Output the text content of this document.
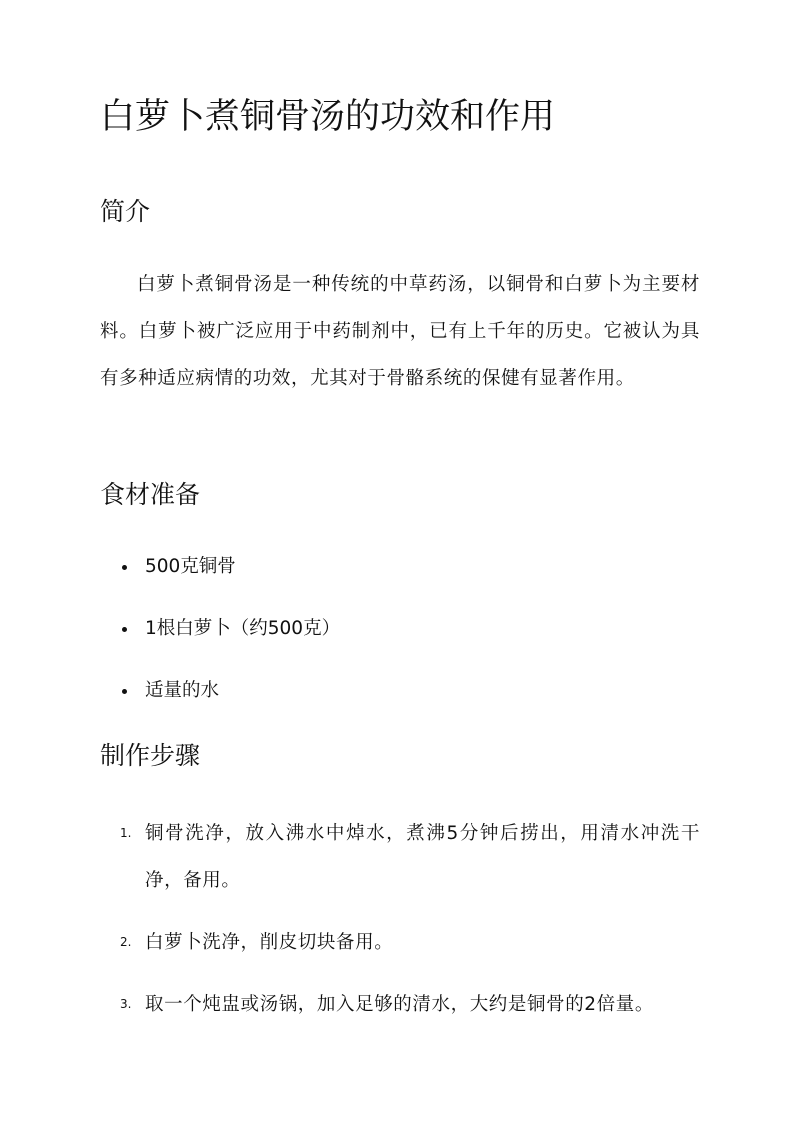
白萝卜煮铜骨汤的功效和作用
简介

白萝卜煮铜骨汤是一种传统的中草药汤，以铜骨和白萝卜为主要材料。白萝卜被广泛应用于中药制剂中，已有上千年的历史。它被认为具有多种适应病情的功效，尤其对于骨骼系统的保健有显著作用。

食材准备
500克铜骨
1根白萝卜（约500克）
适量的水
制作步骤
1. 铜骨洗净，放入沸水中焯水，煮沸5分钟后捞出，用清水冲洗干净，备用。
2. 白萝卜洗净，削皮切块备用。
3. 取一个炖盅或汤锅，加入足够的清水，大约是铜骨的2倍量。
